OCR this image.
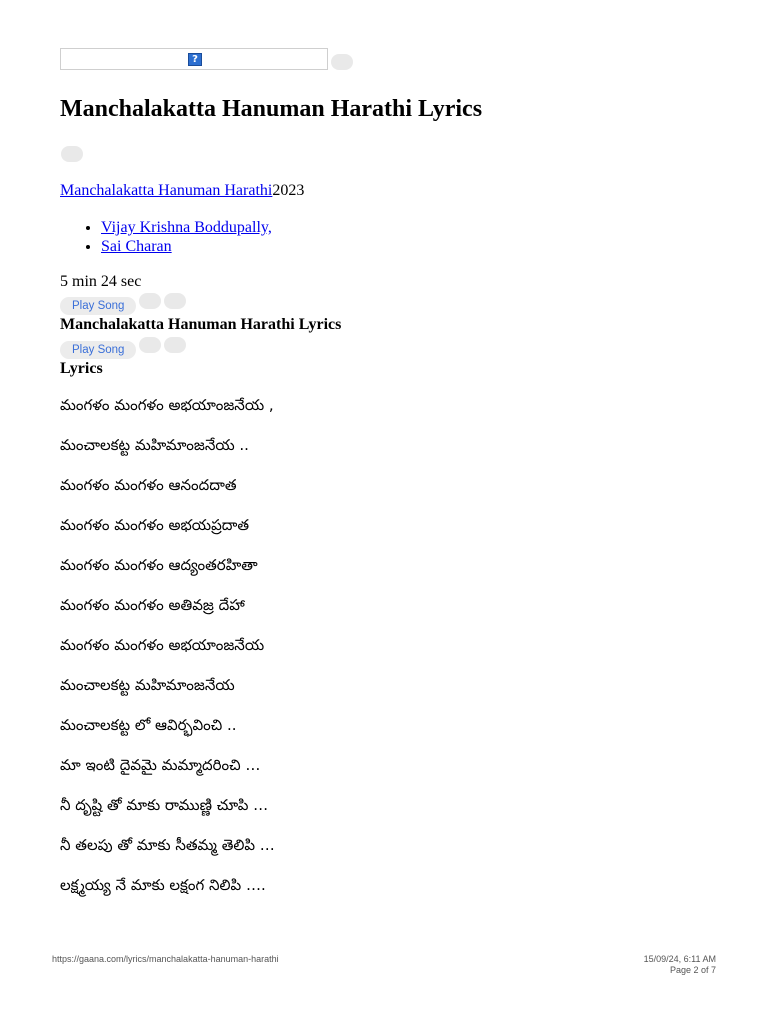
?
Manchalakatta Hanuman Harathi Lyrics
Manchalakatta Hanuman Harathi2023
• Vijay Krishna Boddupally,
• Sai Charan
5 min 24 sec
Play Song
Manchalakatta Hanuman Harathi Lyrics
Play Song
Lyrics
మంగళం మంగళం అభయాంజనేయ ,
మంచాలకట్ట మహిమాంజనేయ ..
మంగళం మంగళం ఆనందదాత
మంగళం మంగళం అభయప్రదాత
మంగళం మంగళం ఆద్యంతరహితా
మంగళం మంగళం అతివజ్ర దేహా
మంగళం మంగళం అభయాంజనేయ
మంచాలకట్ట మహిమాంజనేయ
మంచాలకట్ట లో ఆవిర్భవించి ..
మా ఇంటి దైవమై మమ్మాదరించి …
నీ దృష్టి తో మాకు రాముణ్ణి చూపి …
నీ తలపు తో మాకు సీతమ్మ తెలిపి …
లక్ష్మయ్య నే మాకు లక్షంగ నిలిపి ….
https://gaana.com/lyrics/manchalakatta-hanuman-harathi	15/09/24, 6:11 AM
Page 2 of 7
